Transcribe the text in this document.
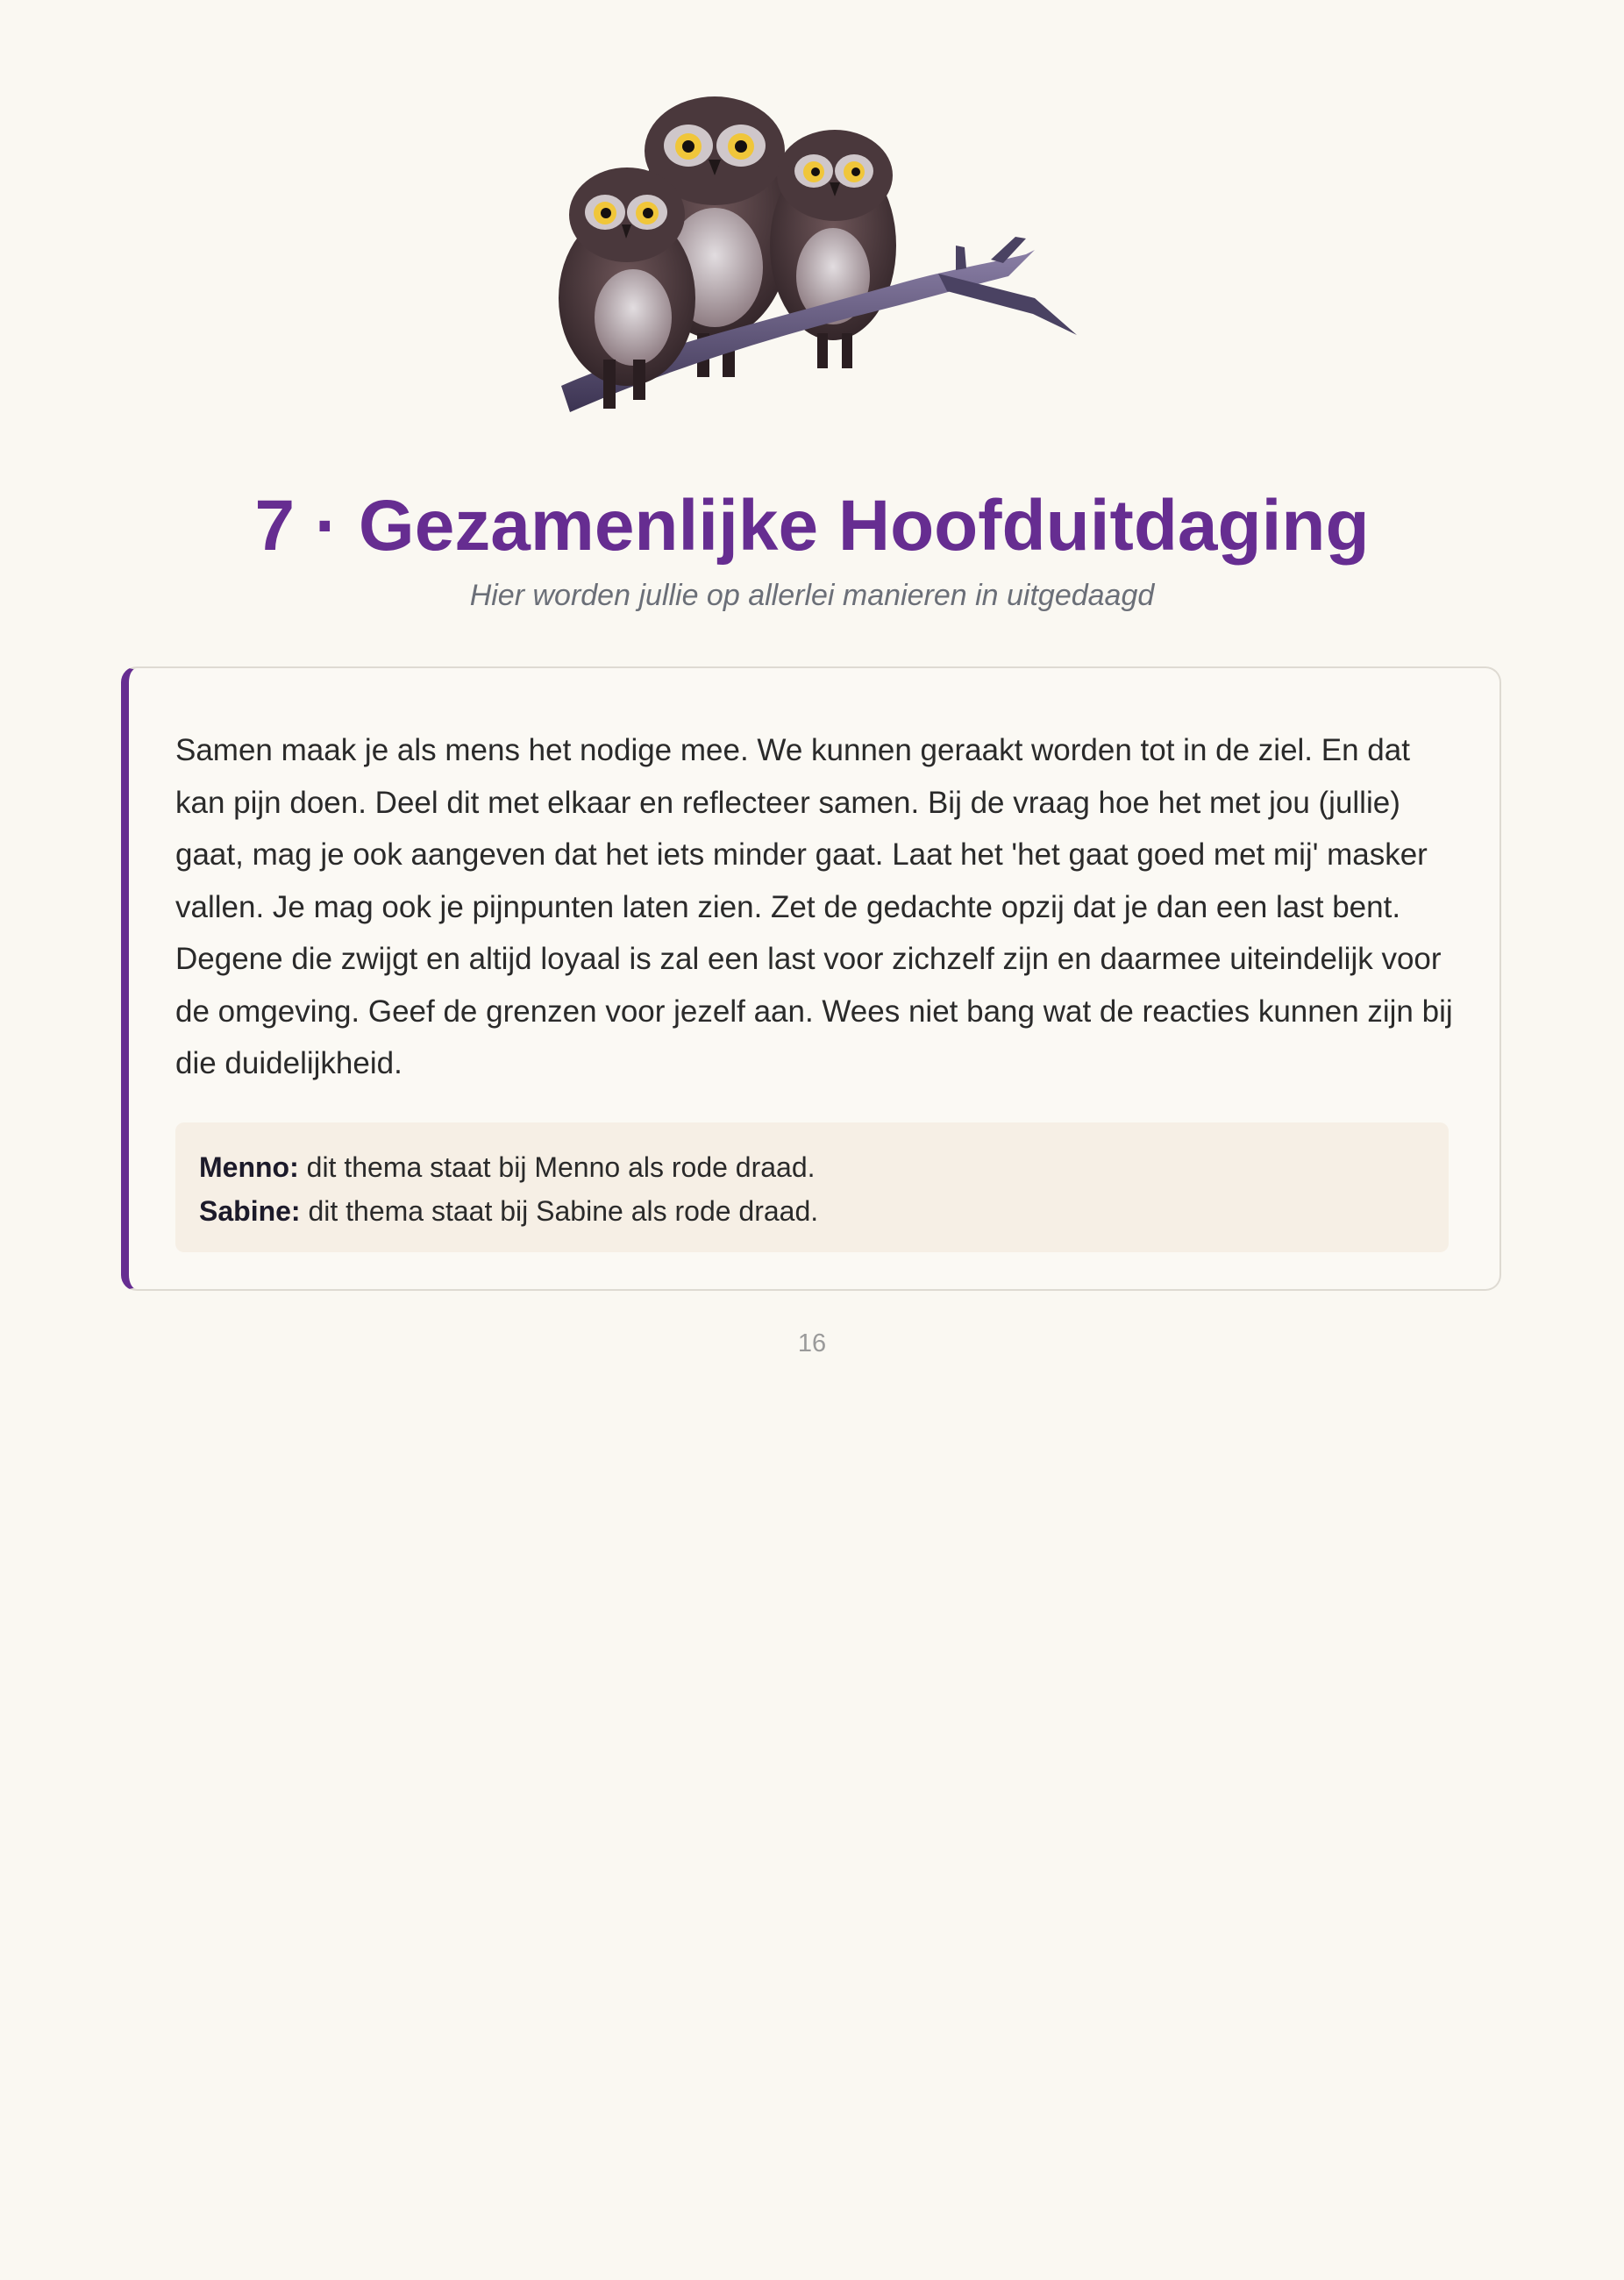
7 · Gezamenlijke Hoofduitdaging

Hier worden jullie op allerlei manieren in uitgedaagd

Samen maak je als mens het nodige mee. We kunnen geraakt worden tot in de ziel. En dat kan pijn doen. Deel dit met elkaar en reflecteer samen. Bij de vraag hoe het met jou (jullie) gaat, mag je ook aangeven dat het iets minder gaat. Laat het 'het gaat goed met mij' masker vallen. Je mag ook je pijnpunten laten zien. Zet de gedachte opzij dat je dan een last bent. Degene die zwijgt en altijd loyaal is zal een last voor zichzelf zijn en daarmee uiteindelijk voor de omgeving. Geef de grenzen voor jezelf aan. Wees niet bang wat de reacties kunnen zijn bij die duidelijkheid.

Menno: dit thema staat bij Menno als rode draad.
Sabine: dit thema staat bij Sabine als rode draad.
16
